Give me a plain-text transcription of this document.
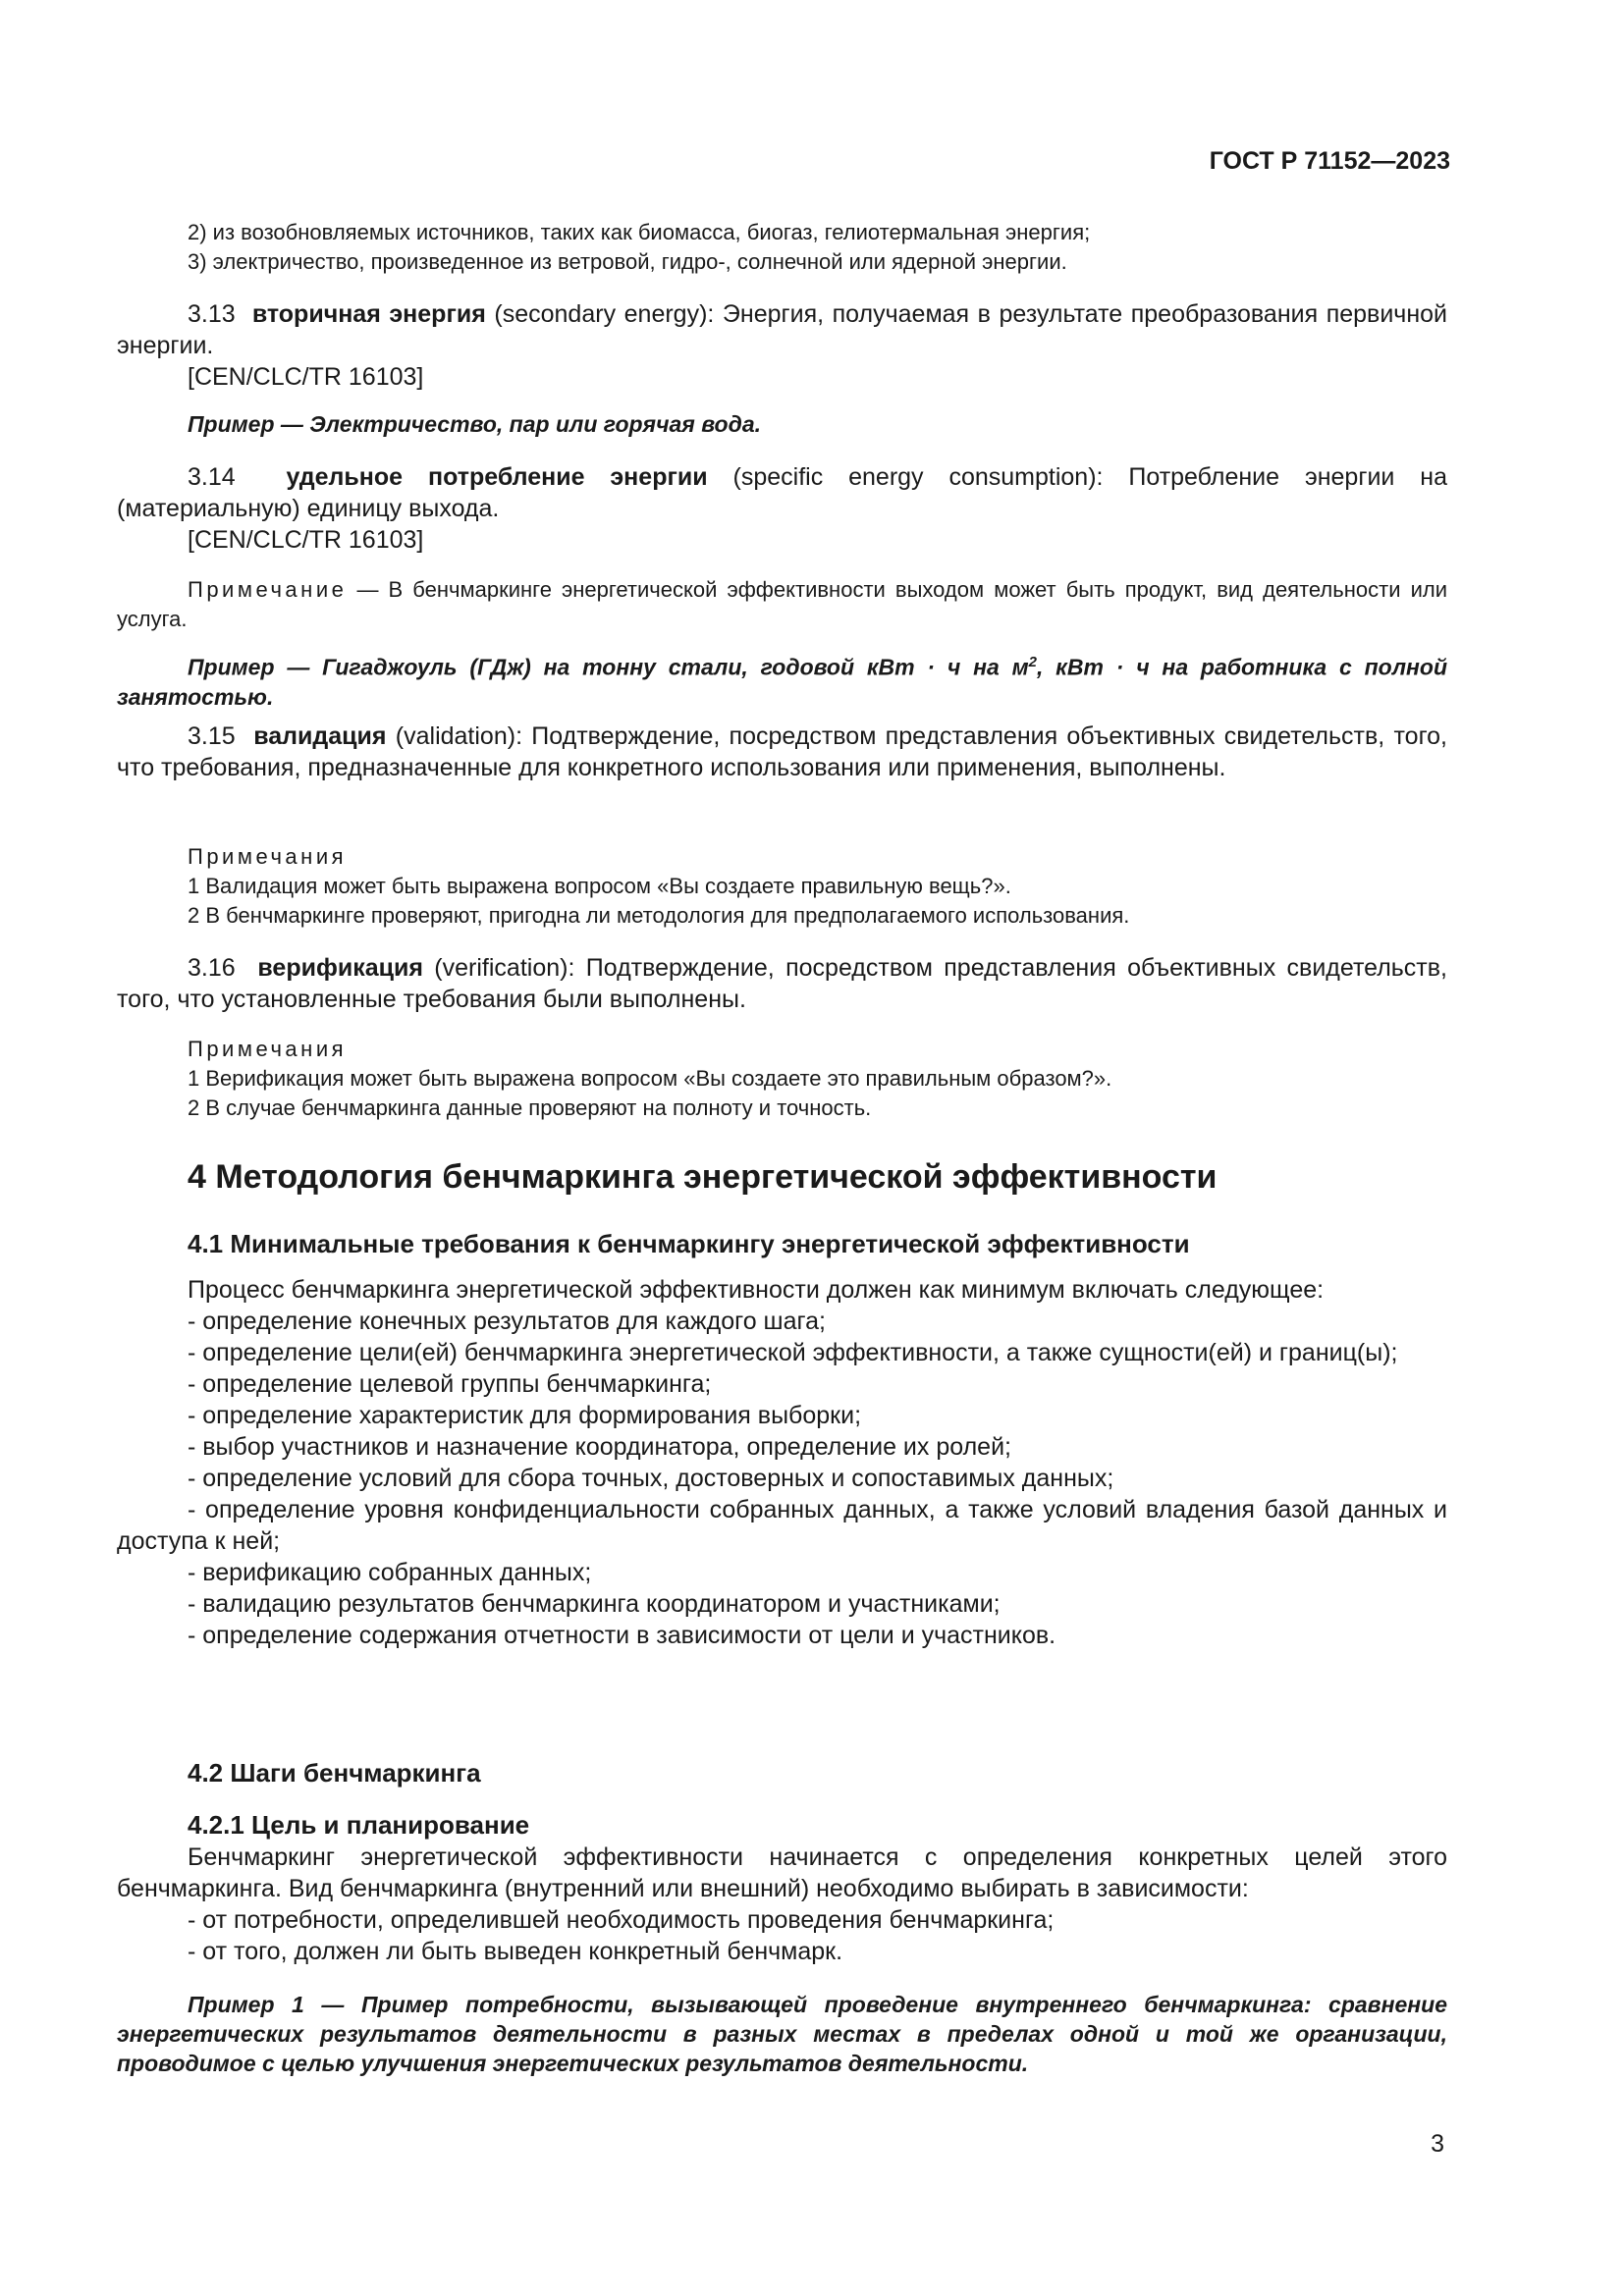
ГОСТ Р 71152—2023
2) из возобновляемых источников, таких как биомасса, биогаз, гелиотермальная энергия;
3) электричество, произведенное из ветровой, гидро-, солнечной или ядерной энергии.
3.13 вторичная энергия (secondary energy): Энергия, получаемая в результате преобразования первичной энергии.
[CEN/CLC/TR 16103]
Пример — Электричество, пар или горячая вода.
3.14 удельное потребление энергии (specific energy consumption): Потребление энергии на (материальную) единицу выхода.
[CEN/CLC/TR 16103]
Примечание — В бенчмаркинге энергетической эффективности выходом может быть продукт, вид деятельности или услуга.
Пример — Гигаджоуль (ГДж) на тонну стали, годовой кВт · ч на $м^2$, кВт · ч на работника с полной занятостью.
3.15 валидация (validation): Подтверждение, посредством представления объективных свидетельств, того, что требования, предназначенные для конкретного использования или применения, выполнены.
Примечания
1 Валидация может быть выражена вопросом «Вы создаете правильную вещь?».
2 В бенчмаркинге проверяют, пригодна ли методология для предполагаемого использования.
3.16 верификация (verification): Подтверждение, посредством представления объективных свидетельств, того, что установленные требования были выполнены.
Примечания
1 Верификация может быть выражена вопросом «Вы создаете это правильным образом?».
2 В случае бенчмаркинга данные проверяют на полноту и точность.
4 Методология бенчмаркинга энергетической эффективности
4.1 Минимальные требования к бенчмаркингу энергетической эффективности
Процесс бенчмаркинга энергетической эффективности должен как минимум включать следующее:
- определение конечных результатов для каждого шага;
- определение цели(ей) бенчмаркинга энергетической эффективности, а также сущности(ей) и границ(ы);
- определение целевой группы бенчмаркинга;
- определение характеристик для формирования выборки;
- выбор участников и назначение координатора, определение их ролей;
- определение условий для сбора точных, достоверных и сопоставимых данных;
- определение уровня конфиденциальности собранных данных, а также условий владения базой данных и доступа к ней;
- верификацию собранных данных;
- валидацию результатов бенчмаркинга координатором и участниками;
- определение содержания отчетности в зависимости от цели и участников.
4.2 Шаги бенчмаркинга
4.2.1 Цель и планирование
Бенчмаркинг энергетической эффективности начинается с определения конкретных целей этого бенчмаркинга. Вид бенчмаркинга (внутренний или внешний) необходимо выбирать в зависимости:
- от потребности, определившей необходимость проведения бенчмаркинга;
- от того, должен ли быть выведен конкретный бенчмарк.
Пример 1 — Пример потребности, вызывающей проведение внутреннего бенчмаркинга: сравнение энергетических результатов деятельности в разных местах в пределах одной и той же организации, проводимое с целью улучшения энергетических результатов деятельности.
3
